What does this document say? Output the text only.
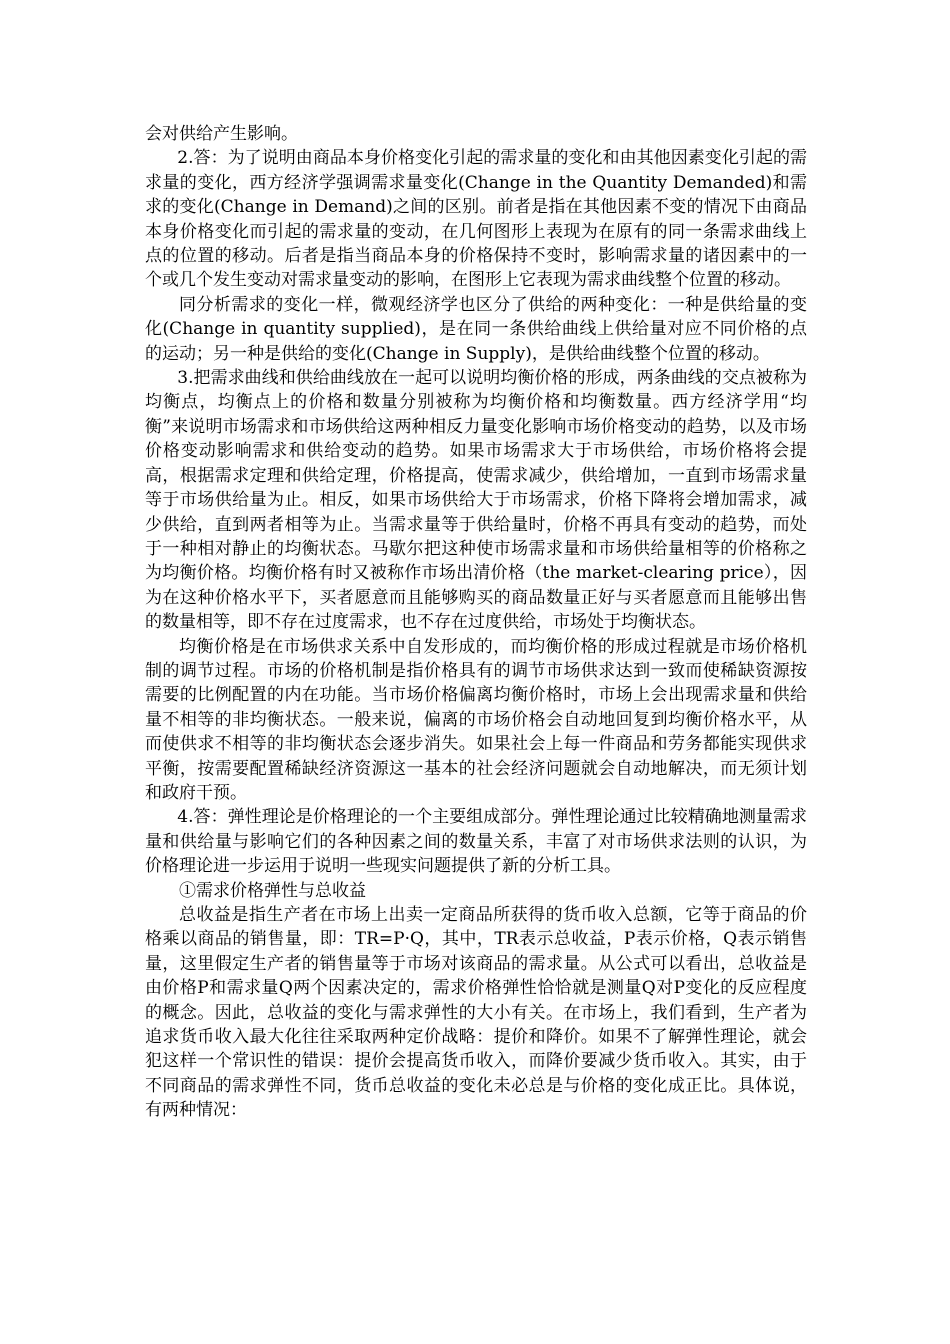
会对供给产生影响。

2.答：为了说明由商品本身价格变化引起的需求量的变化和由其他因素变化引起的需求量的变化，西方经济学强调需求量变化(Change in the Quantity Demanded)和需求的变化(Change in Demand)之间的区别。前者是指在其他因素不变的情况下由商品本身价格变化而引起的需求量的变动，在几何图形上表现为在原有的同一条需求曲线上点的位置的移动。后者是指当商品本身的价格保持不变时，影响需求量的诸因素中的一个或几个发生变动对需求量变动的影响，在图形上它表现为需求曲线整个位置的移动。

同分析需求的变化一样，微观经济学也区分了供给的两种变化：一种是供给量的变化(Change in quantity supplied)，是在同一条供给曲线上供给量对应不同价格的点的运动；另一种是供给的变化(Change in Supply)，是供给曲线整个位置的移动。

3.把需求曲线和供给曲线放在一起可以说明均衡价格的形成，两条曲线的交点被称为均衡点，均衡点上的价格和数量分别被称为均衡价格和均衡数量。西方经济学用“均衡”来说明市场需求和市场供给这两种相反力量变化影响市场价格变动的趋势，以及市场价格变动影响需求和供给变动的趋势。如果市场需求大于市场供给，市场价格将会提高，根据需求定理和供给定理，价格提高，使需求减少，供给增加，一直到市场需求量等于市场供给量为止。相反，如果市场供给大于市场需求，价格下降将会增加需求，减少供给，直到两者相等为止。当需求量等于供给量时，价格不再具有变动的趋势，而处于一种相对静止的均衡状态。马歇尔把这种使市场需求量和市场供给量相等的价格称之为均衡价格。均衡价格有时又被称作市场出清价格（the market-clearing price），因为在这种价格水平下，买者愿意而且能够购买的商品数量正好与买者愿意而且能够出售的数量相等，即不存在过度需求，也不存在过度供给，市场处于均衡状态。

均衡价格是在市场供求关系中自发形成的，而均衡价格的形成过程就是市场价格机制的调节过程。市场的价格机制是指价格具有的调节市场供求达到一致而使稀缺资源按需要的比例配置的内在功能。当市场价格偏离均衡价格时，市场上会出现需求量和供给量不相等的非均衡状态。一般来说，偏离的市场价格会自动地回复到均衡价格水平，从而使供求不相等的非均衡状态会逐步消失。如果社会上每一件商品和劳务都能实现供求平衡，按需要配置稀缺经济资源这一基本的社会经济问题就会自动地解决，而无须计划和政府干预。

4.答：弹性理论是价格理论的一个主要组成部分。弹性理论通过比较精确地测量需求量和供给量与影响它们的各种因素之间的数量关系，丰富了对市场供求法则的认识，为价格理论进一步运用于说明一些现实问题提供了新的分析工具。

①需求价格弹性与总收益

总收益是指生产者在市场上出卖一定商品所获得的货币收入总额，它等于商品的价格乘以商品的销售量，即：TR=P·Q，其中，TR表示总收益，P表示价格，Q表示销售量，这里假定生产者的销售量等于市场对该商品的需求量。从公式可以看出，总收益是由价格P和需求量Q两个因素决定的，需求价格弹性恰恰就是测量Q对P变化的反应程度的概念。因此，总收益的变化与需求弹性的大小有关。在市场上，我们看到，生产者为追求货币收入最大化往往采取两种定价战略：提价和降价。如果不了解弹性理论，就会犯这样一个常识性的错误：提价会提高货币收入，而降价要减少货币收入。其实，由于不同商品的需求弹性不同，货币总收益的变化未必总是与价格的变化成正比。具体说，有两种情况：
